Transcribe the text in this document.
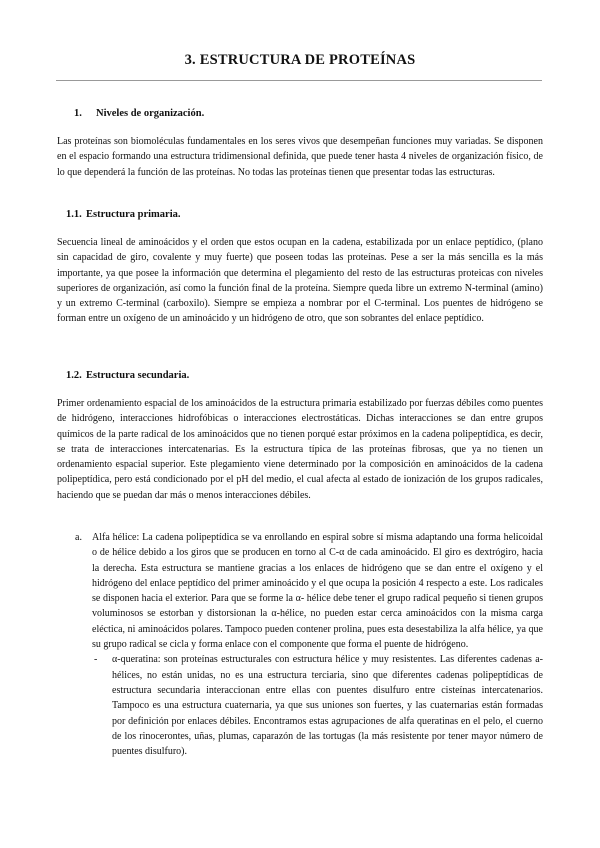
3. ESTRUCTURA DE PROTEÍNAS
1. Niveles de organización.

Las proteínas son biomoléculas fundamentales en los seres vivos que desempeñan funciones muy variadas. Se disponen en el espacio formando una estructura tridimensional definida, que puede tener hasta 4 niveles de organización físico, de lo que dependerá la función de las proteínas. No todas las proteínas tienen que presentar todas las estructuras.

1.1. Estructura primaria.

Secuencia lineal de aminoácidos y el orden que estos ocupan en la cadena, estabilizada por un enlace peptídico, (plano sin capacidad de giro, covalente y muy fuerte) que poseen todas las proteínas. Pese a ser la más sencilla es la más importante, ya que posee la información que determina el plegamiento del resto de las estructuras proteicas con niveles superiores de organización, así como la función final de la proteína. Siempre queda libre un extremo N-terminal (amino) y un extremo C-terminal (carboxilo). Siempre se empieza a nombrar por el C-terminal. Los puentes de hidrógeno se forman entre un oxígeno de un aminoácido y un hidrógeno de otro, que son sobrantes del enlace peptídico.

1.2. Estructura secundaria.

Primer ordenamiento espacial de los aminoácidos de la estructura primaria estabilizado por fuerzas débiles como puentes de hidrógeno, interacciones hidrofóbicas o interacciones electrostáticas. Dichas interacciones se dan entre grupos químicos de la parte radical de los aminoácidos que no tienen porqué estar próximos en la cadena polipeptídica, es decir, se trata de interacciones intercatenarias. Es la estructura típica de las proteínas fibrosas, que ya no tienen un ordenamiento espacial superior. Este plegamiento viene determinado por la composición en aminoácidos de la cadena polipeptídica, pero está condicionado por el pH del medio, el cual afecta al estado de ionización de los grupos radicales, haciendo que se puedan dar más o menos interacciones débiles.

a. Alfa hélice: La cadena polipeptídica se va enrollando en espiral sobre sí misma adaptando una forma helicoidal o de hélice debido a los giros que se producen en torno al C-α de cada aminoácido. El giro es dextrógiro, hacia la derecha. Esta estructura se mantiene gracias a los enlaces de hidrógeno que se dan entre el oxígeno y el hidrógeno del enlace peptídico del primer aminoácido y el que ocupa la posición 4 respecto a este. Los radicales se disponen hacia el exterior. Para que se forme la α- hélice debe tener el grupo radical pequeño si tienen grupos voluminosos se estorban y distorsionan la α-hélice, no pueden estar cerca aminoácidos con la misma carga eléctica, ni aminoácidos polares. Tampoco pueden contener prolina, pues esta desestabiliza la alfa hélice, ya que su grupo radical se cicla y forma enlace con el componente que forma el puente de hidrógeno.
- α-queratina: son proteínas estructurales con estructura hélice y muy resistentes. Las diferentes cadenas a- hélices, no están unidas, no es una estructura terciaria, sino que diferentes cadenas polipeptídicas de estructura secundaria interaccionan entre ellas con puentes disulfuro entre cisteínas intercatenarios. Tampoco es una estructura cuaternaria, ya que sus uniones son fuertes, y las cuaternarias están formadas por definición por enlaces débiles. Encontramos estas agrupaciones de alfa queratinas en el pelo, el cuerno de los rinocerontes, uñas, plumas, caparazón de las tortugas (la más resistente por tener mayor número de puentes disulfuro).
